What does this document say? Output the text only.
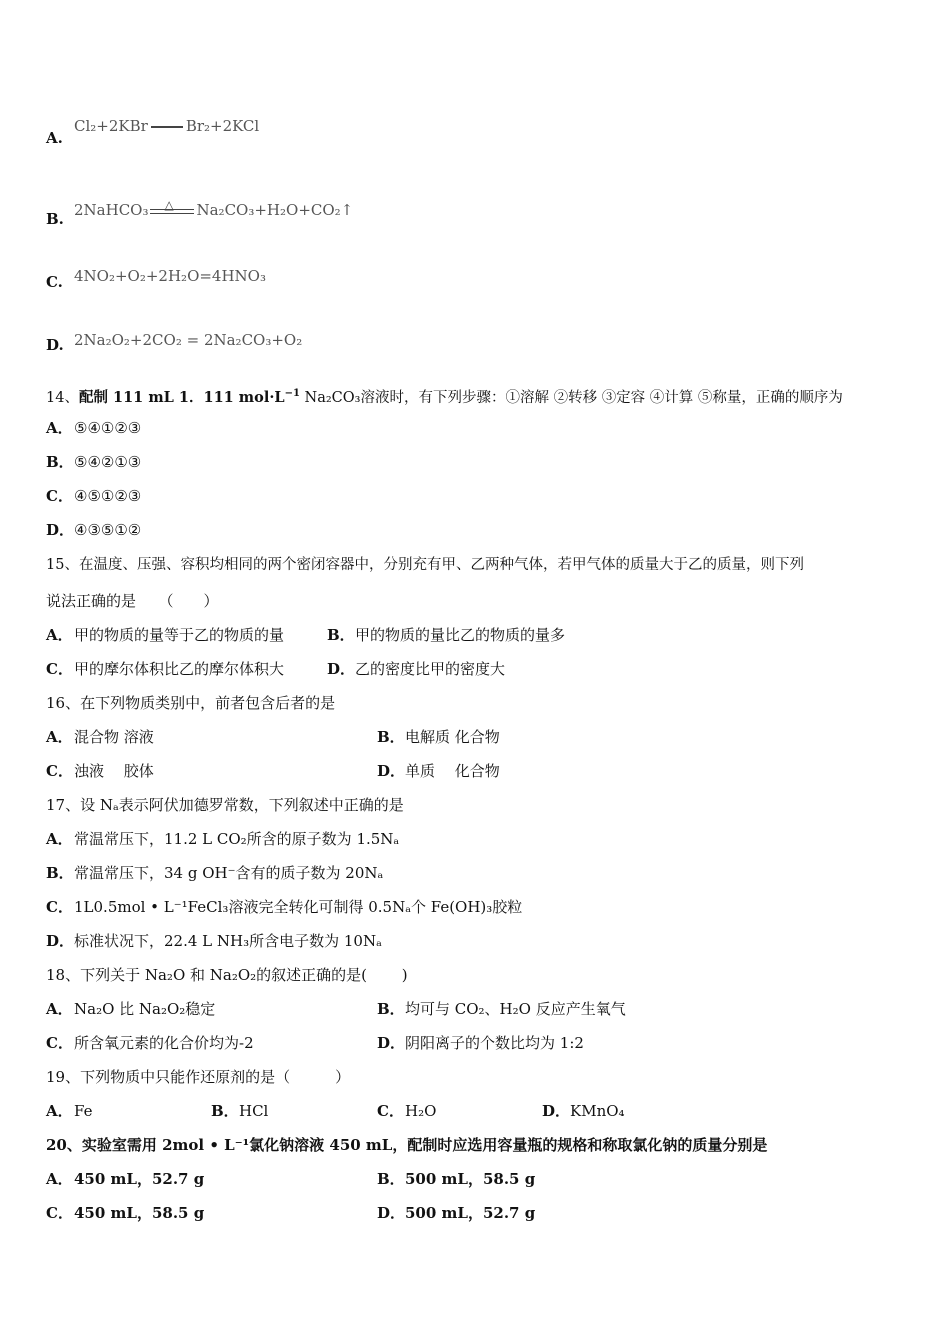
A.
Cl₂+2KBr	Br₂+2KCl
B. 2NaHCO₃ △ Na₂CO₃+H₂O+CO₂↑
C. 4NO₂+O₂+2H₂O=4HNO₃
D. 2Na₂O₂+2CO₂ = 2Na₂CO₃+O₂
14、配制 111 mL 1．111 $mol\cdot L^{-1}$ Na₂CO₃溶液时，有下列步骤：①溶解 ②转移 ③定容 ④计算 ⑤称量，正确的顺序为
A．⑤④①②③
B．⑤④②①③
C．④⑤①②③
D．④③⑤①②
15、在温度、压强、容积均相同的两个密闭容器中，分别充有甲、乙两种气体，若甲气体的质量大于乙的质量，则下列
说法正确的是　　（　　）
A．甲的物质的量等于乙的物质的量	B．甲的物质的量比乙的物质的量多
C．甲的摩尔体积比乙的摩尔体积大	D．乙的密度比甲的密度大
16、在下列物质类别中，前者包含后者的是
A．混合物 溶液	B．电解质 化合物
C．浊液　 胶体	D．单质　 化合物
17、设 Nₐ表示阿伏加德罗常数，下列叙述中正确的是
A．常温常压下，11.2 L CO₂所含的原子数为 1.5Nₐ
B．常温常压下，34 g OH⁻含有的质子数为 20Nₐ
C．1L0.5mol • L⁻¹FeCl₃溶液完全转化可制得 0.5Nₐ个 Fe(OH)₃胶粒
D．标准状况下，22.4 L NH₃所含电子数为 10Nₐ
18、下列关于 Na₂O 和 Na₂O₂的叙述正确的是(　　 )
A．Na₂O 比 Na₂O₂稳定	B．均可与 CO₂、H₂O 反应产生氧气
C．所含氧元素的化合价均为-2	D．阴阳离子的个数比均为 1:2
19、下列物质中只能作还原剂的是（　　　）
A．Fe	B．HCl	C．H₂O	D．KMnO₄
20、实验室需用 2mol • L⁻¹氯化钠溶液 450 mL，配制时应选用容量瓶的规格和称取氯化钠的质量分别是
A．450 mL，52.7 g	B．500 mL，58.5 g
C．450 mL，58.5 g	D．500 mL，52.7 g
